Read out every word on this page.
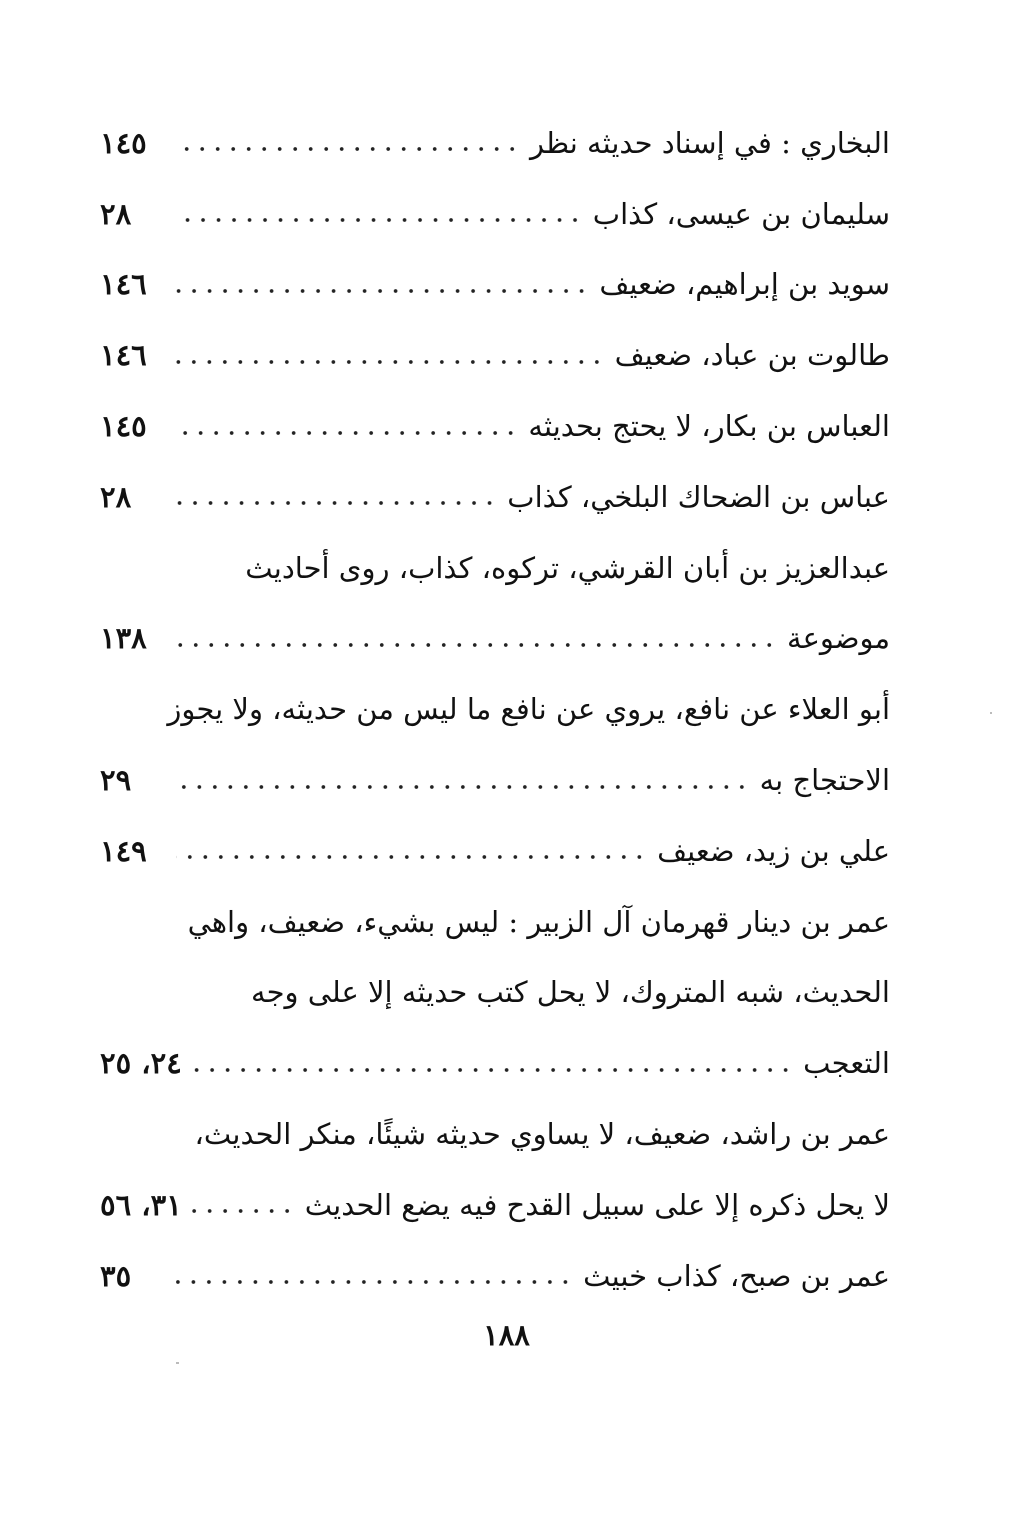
البخاري : في إسناد حديثه نظر
١٤٥
سليمان بن عيسى، كذاب
٢٨
سويد بن إبراهيم، ضعيف
١٤٦
طالوت بن عباد، ضعيف
١٤٦
العباس بن بكار، لا يحتج بحديثه
١٤٥
عباس بن الضحاك البلخي، كذاب
٢٨
عبدالعزيز بن أبان القرشي، تركوه، كذاب، روى أحاديث
موضوعة
١٣٨
أبو العلاء عن نافع، يروي عن نافع ما ليس من حديثه، ولا يجوز
الاحتجاج به
٢٩
علي بن زيد، ضعيف
١٤٩
عمر بن دينار قهرمان آل الزبير : ليس بشيء، ضعيف، واهي
الحديث، شبه المتروك، لا يحل كتب حديثه إلا على وجه
التعجب
٢٤، ٢٥
عمر بن راشد، ضعيف، لا يساوي حديثه شيئًا، منكر الحديث،
لا يحل ذكره إلا على سبيل القدح فيه يضع الحديث
٣١، ٥٦
عمر بن صبح، كذاب خبيث
٣٥
١٨٨
